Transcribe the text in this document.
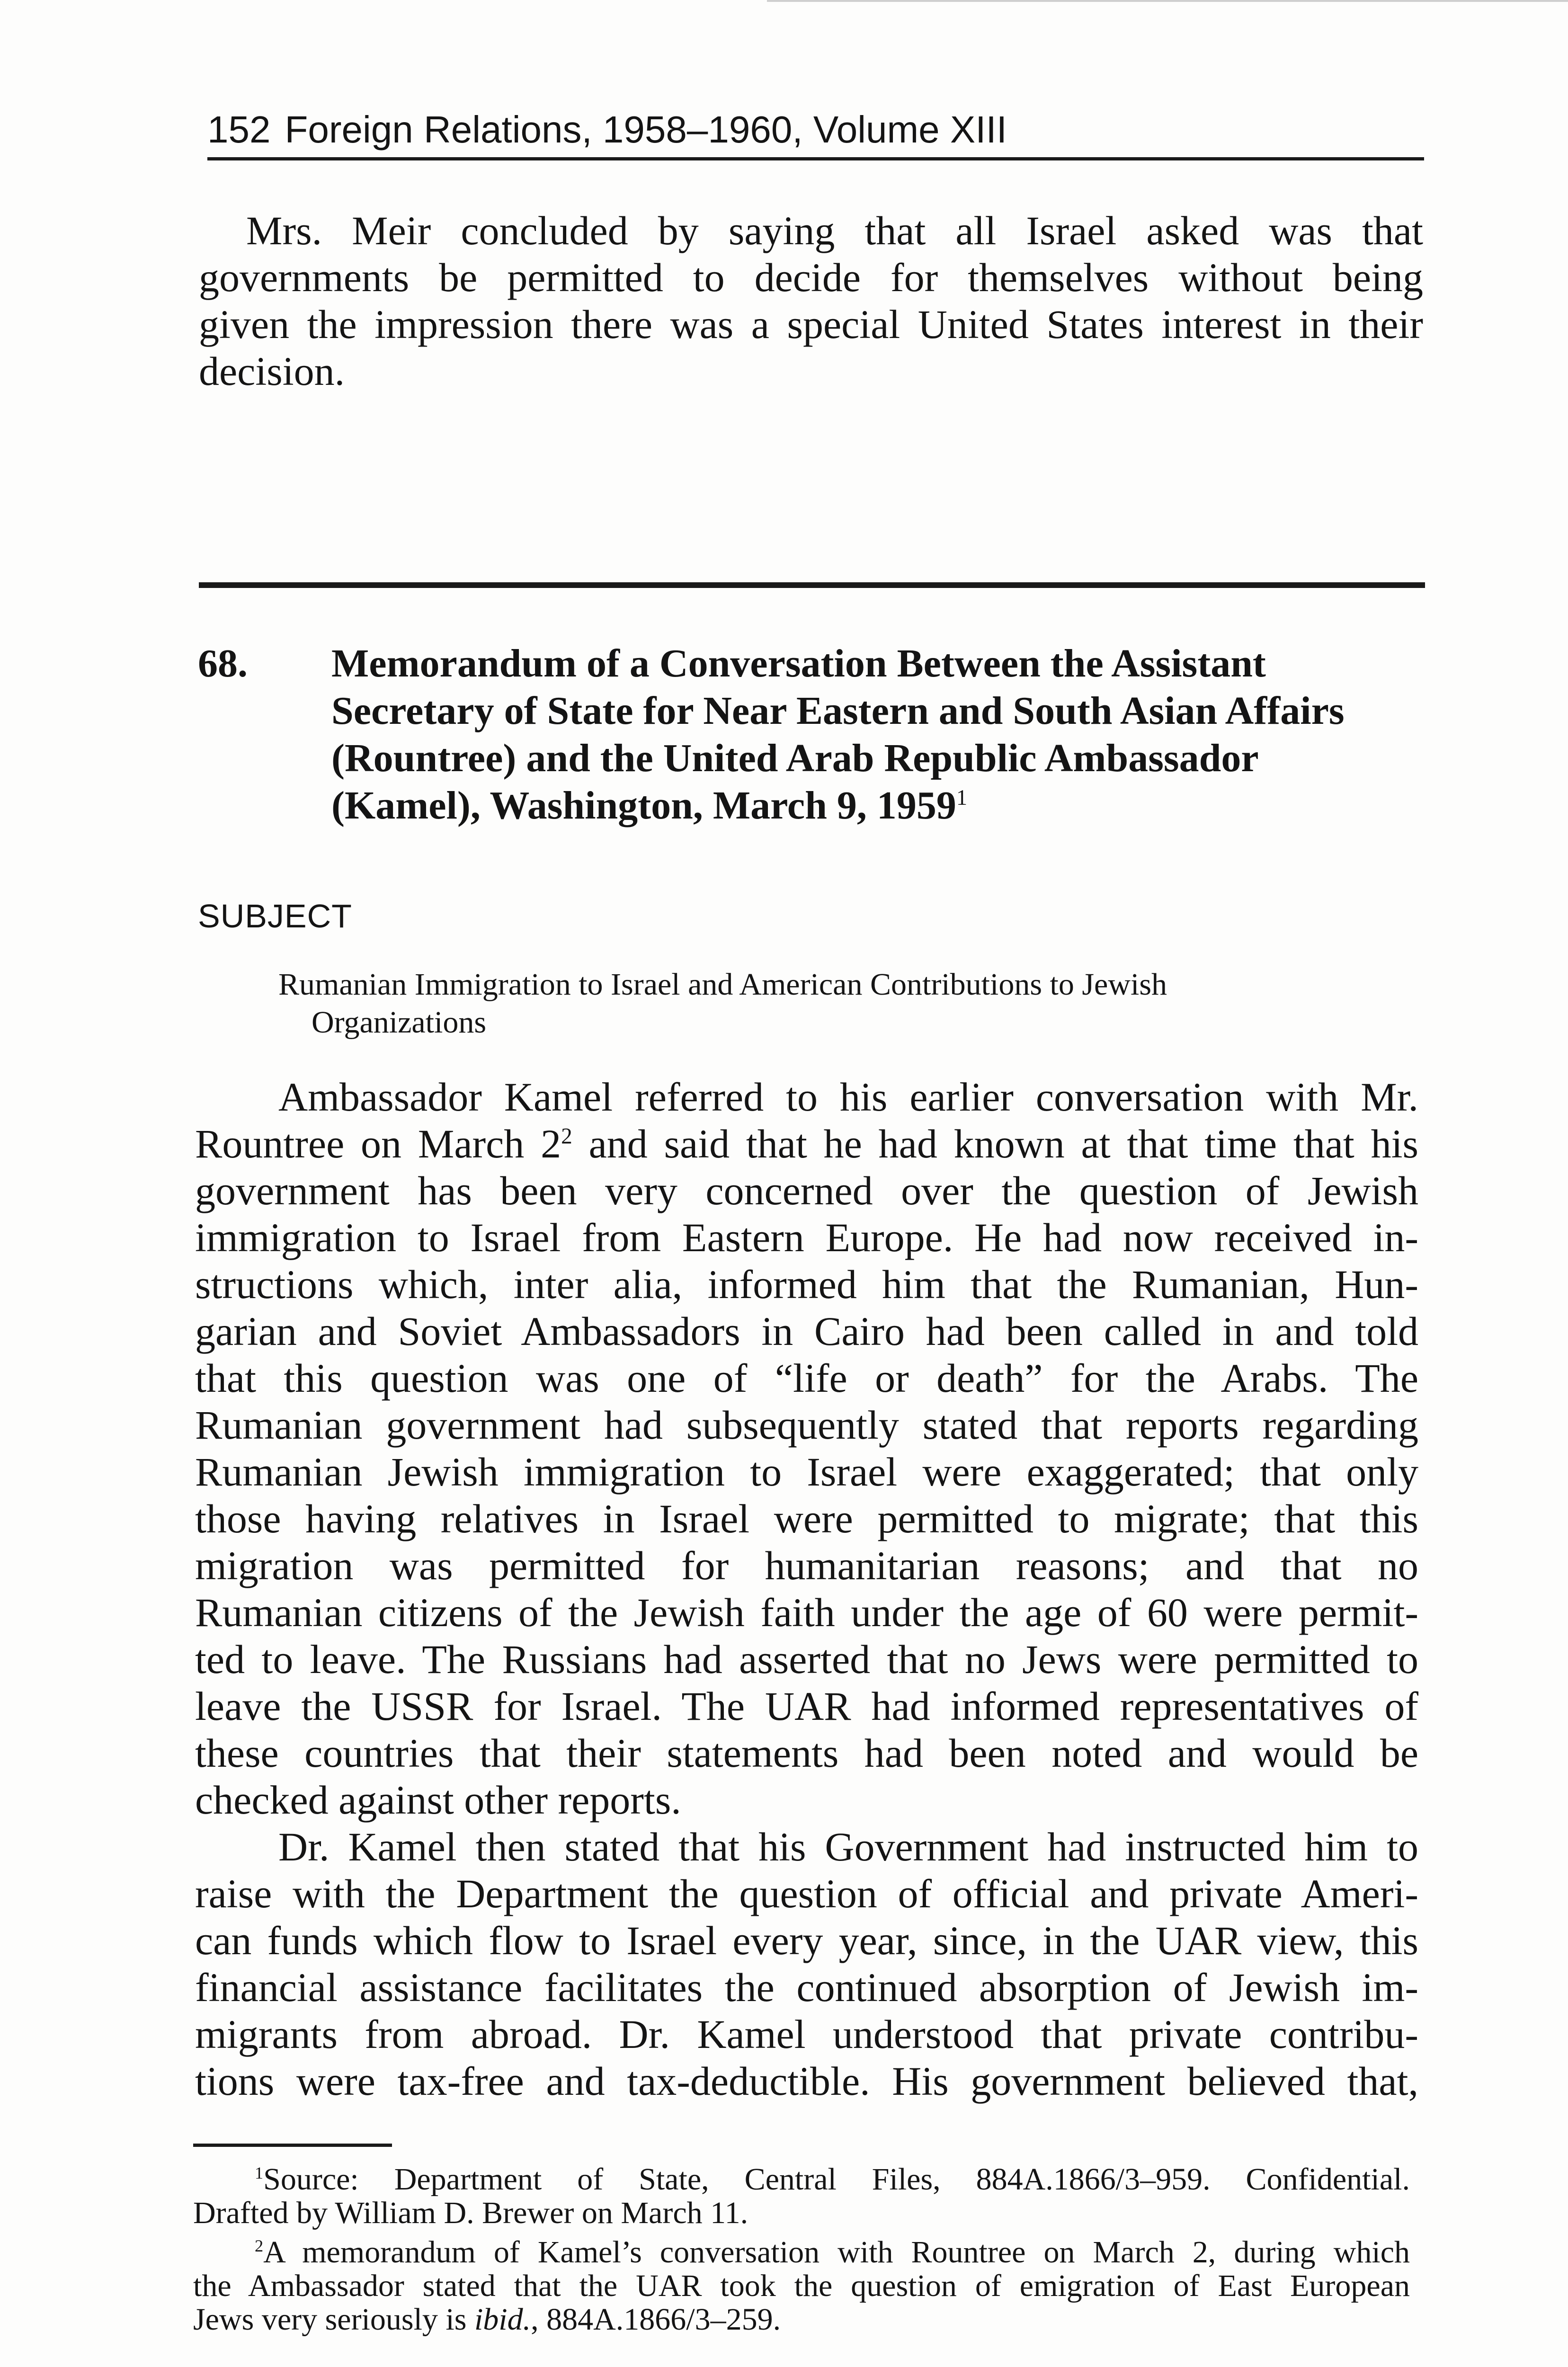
152 Foreign Relations, 1958–1960, Volume XIII
Mrs. Meir concluded by saying that all Israel asked was that
governments be permitted to decide for themselves without being
given the impression there was a special United States interest in their
decision.
68. Memorandum of a Conversation Between the Assistant
Secretary of State for Near Eastern and South Asian Affairs
(Rountree) and the United Arab Republic Ambassador
(Kamel), Washington, March 9, 1959$^1$
SUBJECT
Rumanian Immigration to Israel and American Contributions to Jewish
Organizations
Ambassador Kamel referred to his earlier conversation with Mr.
Rountree on March $2^2$ and said that he had known at that time that his
government has been very concerned over the question of Jewish
immigration to Israel from Eastern Europe. He had now received in-
structions which, inter alia, informed him that the Rumanian, Hun-
garian and Soviet Ambassadors in Cairo had been called in and told
that this question was one of “life or death” for the Arabs. The
Rumanian government had subsequently stated that reports regarding
Rumanian Jewish immigration to Israel were exaggerated; that only
those having relatives in Israel were permitted to migrate; that this
migration was permitted for humanitarian reasons; and that no
Rumanian citizens of the Jewish faith under the age of 60 were permit-
ted to leave. The Russians had asserted that no Jews were permitted to
leave the USSR for Israel. The UAR had informed representatives of
these countries that their statements had been noted and would be
checked against other reports.
Dr. Kamel then stated that his Government had instructed him to
raise with the Department the question of official and private Ameri-
can funds which flow to Israel every year, since, in the UAR view, this
financial assistance facilitates the continued absorption of Jewish im-
migrants from abroad. Dr. Kamel understood that private contribu-
tions were tax-free and tax-deductible. His government believed that,
$^1$Source: Department of State, Central Files, 884A.1866/3–959. Confidential.
Drafted by William D. Brewer on March 11.
$^2$A memorandum of Kamel’s conversation with Rountree on March 2, during which
the Ambassador stated that the UAR took the question of emigration of East European
Jews very seriously is ibid., 884A.1866/3–259.
